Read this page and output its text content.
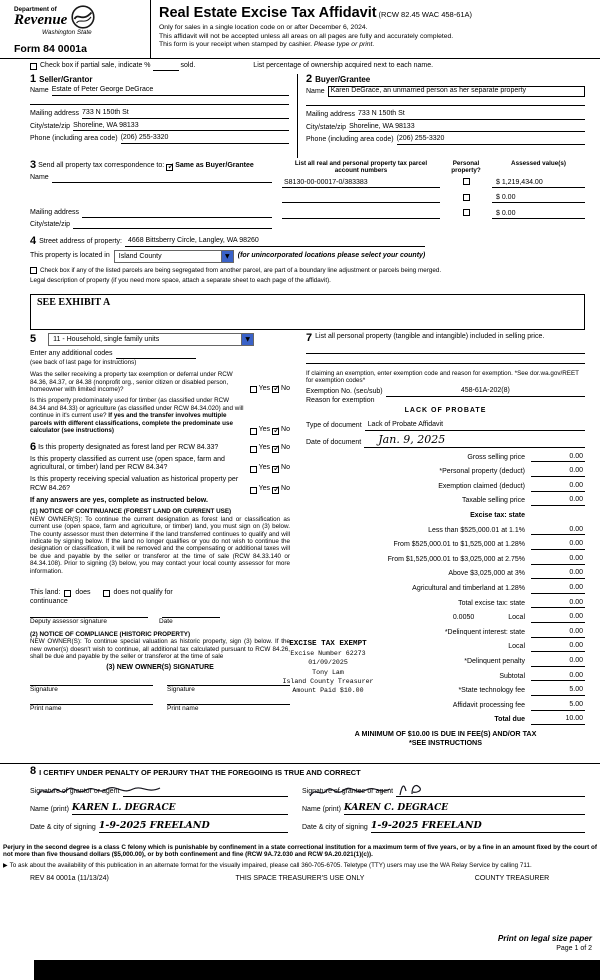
Department of
Revenue
Washington State
Form 84 0001a
Real Estate Excise Tax Affidavit (RCW 82.45 WAC 458-61A)
Only for sales in a single location code on or after December 6, 2024.
This affidavit will not be accepted unless all areas on all pages are fully and accurately completed.
This form is your receipt when stamped by cashier. Please type or print.
Check box if partial sale, indicate %	sold.	List percentage of ownership acquired next to each name.
1 Seller/Grantor
Name Estate of Peter George DeGrace
Mailing address 733 N 150th St
City/state/zip Shoreline, WA 98133
Phone (including area code) (206) 255-3320
2 Buyer/Grantee
Name Karen DeGrace, an unmarried person as her separate property
Mailing address 733 N 150th St
City/state/zip Shoreline, WA 98133
Phone (including area code) (206) 255-3320
3 Send all property tax correspondence to: ✓ Same as Buyer/Grantee
Name
Mailing address
City/state/zip
List all real and personal property tax parcel account numbers
Personal property?
Assessed value(s)
S8130-00-00017-0/383383	$ 1,219,434.00
$ 0.00
$ 0.00
4 Street address of property: 4668 Bittsberry Circle, Langley, WA 98260
This property is located in	Island County	▼	(for unincorporated locations please select your county)
Check box if any of the listed parcels are being segregated from another parcel, are part of a boundary line adjustment or parcels being merged.
Legal description of property (if you need more space, attach a separate sheet to each page of the affidavit).
SEE EXHIBIT A
5	11 - Household, single family units	▼
Enter any additional codes
(see back of last page for instructions)
Was the seller receiving a property tax exemption or deferral under RCW 84.36, 84.37, or 84.38 (nonprofit org., senior citizen or disabled person, homeowner with limited income)?	Yes ✓ No
Is this property predominately used for timber (as classified under RCW 84.34 and 84.33) or agriculture (as classified under RCW 84.34.020) and will continue in it's current use? If yes and the transfer involves multiple parcels with different classifications, complete the predominate use calculator (see instructions)	Yes ✓ No
6 Is this property designated as forest land per RCW 84.33?	Yes ✓ No
Is this property classified as current use (open space, farm and agricultural, or timber) land per RCW 84.34?	Yes ✓ No
Is this property receiving special valuation as historical property per RCW 84.26?	Yes ✓ No
If any answers are yes, complete as instructed below.
(1) NOTICE OF CONTINUANCE (FOREST LAND OR CURRENT USE)
NEW OWNER(S): To continue the current designation as forest land or classification as current use (open space, farm and agriculture, or timber) land, you must sign on (3) below. The county assessor must then determine if the land transferred continues to qualify and will indicate by signing below. If the land no longer qualifies or you do not wish to continue the designation or classification, it will be removed and the compensating or additional taxes will be due and payable by the seller or transferor at the time of sale (RCW 84.33.140 or 84.34.108). Prior to signing (3) below, you may contact your local county assessor for more information.
This land: does	does not qualify for
continuance
Deputy assessor signature	Date
(2) NOTICE OF COMPLIANCE (HISTORIC PROPERTY)
NEW OWNER(S): To continue special valuation as historic property, sign (3) below. If the new owner(s) doesn't wish to continue, all additional tax calculated pursuant to RCW 84.26, shall be due and payable by the seller or transferor at the time of sale
(3) NEW OWNER(S) SIGNATURE
Signature	Signature
Print name	Print name
7 List all personal property (tangible and intangible) included in selling price.
If claiming an exemption, enter exemption code and reason for exemption. *See dor.wa.gov/REET for exemption codes*
Exemption No. (sec/sub)	458-61A-202(8)
Reason for exemption
LACK OF PROBATE
Type of document Lack of Probate Affidavit
Date of document	Jan. 9, 2025
Gross selling price	0.00
*Personal property (deduct)	0.00
Exemption claimed (deduct)	0.00
Taxable selling price	0.00
Excise tax: state
Less than $525,000.01 at 1.1%	0.00
From $525,000.01 to $1,525,000 at 1.28%	0.00
From $1,525,000.01 to $3,025,000 at 2.75%	0.00
Above $3,025,000 at 3%	0.00
Agricultural and timberland at 1.28%	0.00
Total excise tax: state	0.00
0.0050	Local	0.00
*Delinquent interest: state	0.00
Local	0.00
*Delinquent penalty	0.00
Subtotal	0.00
*State technology fee	5.00
Affidavit processing fee	5.00
Total due	10.00
A MINIMUM OF $10.00 IS DUE IN FEE(S) AND/OR TAX
*SEE INSTRUCTIONS
EXCISE TAX EXEMPT
Excise Number 62273
01/09/2025
Tony Lam
Island County Treasurer
Amount Paid $10.00
8 I CERTIFY UNDER PENALTY OF PERJURY THAT THE FOREGOING IS TRUE AND CORRECT
Signature of grantor or agent
Name (print) KAREN L. DEGRACE
Date & city of signing 1-9-2025 FREELAND
Signature of grantee or agent
Name (print) KAREN C. DEGRACE
Date & city of signing 1-9-2025 FREELAND
Perjury in the second degree is a class C felony which is punishable by confinement in a state correctional institution for a maximum term of five years, or by a fine in an amount fixed by the court of not more than five thousand dollars ($5,000.00), or by both confinement and fine (RCW 9A.72.030 and RCW 9A.20.021(1)(c)).
▶ To ask about the availability of this publication in an alternate format for the visually impaired, please call 360-705-6705. Teletype (TTY) users may use the WA Relay Service by calling 711.
REV 84 0001a (11/13/24)	THIS SPACE TREASURER'S USE ONLY	COUNTY TREASURER
Print on legal size paper
Page 1 of 2
